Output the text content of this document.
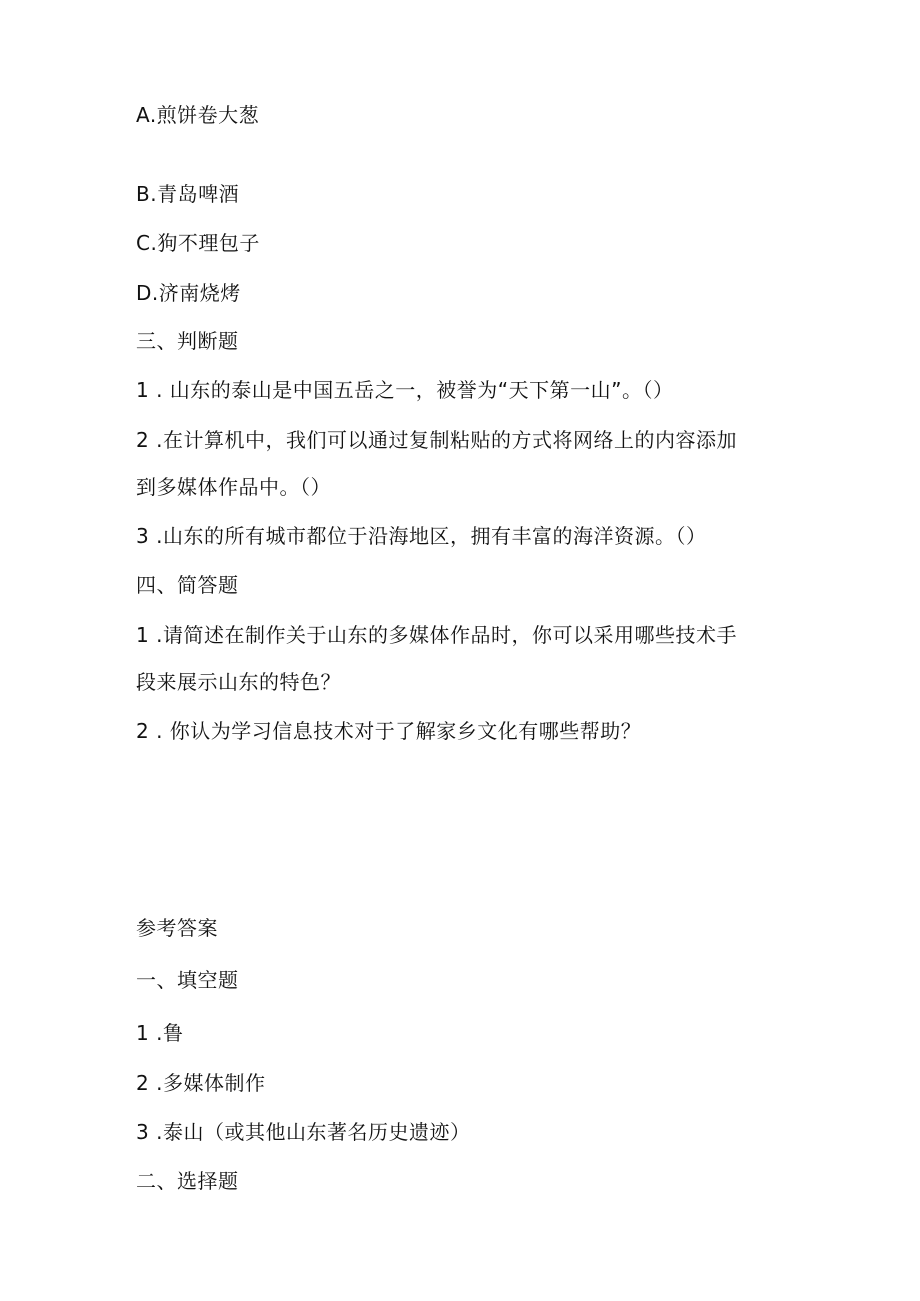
A.煎饼卷大葱
B.青岛啤酒
C.狗不理包子
D.济南烧烤
三、判断题
1 . 山东的泰山是中国五岳之一，被誉为“天下第一山”。（）
2 .在计算机中，我们可以通过复制粘贴的方式将网络上的内容添加
到多媒体作品中。（）
3 .山东的所有城市都位于沿海地区，拥有丰富的海洋资源。（）
四、简答题
1 .请简述在制作关于山东的多媒体作品时，你可以采用哪些技术手
段来展示山东的特色？
2 . 你认为学习信息技术对于了解家乡文化有哪些帮助？
参考答案
一、填空题
1 .鲁
2 .多媒体制作
3 .泰山（或其他山东著名历史遗迹）
二、选择题
